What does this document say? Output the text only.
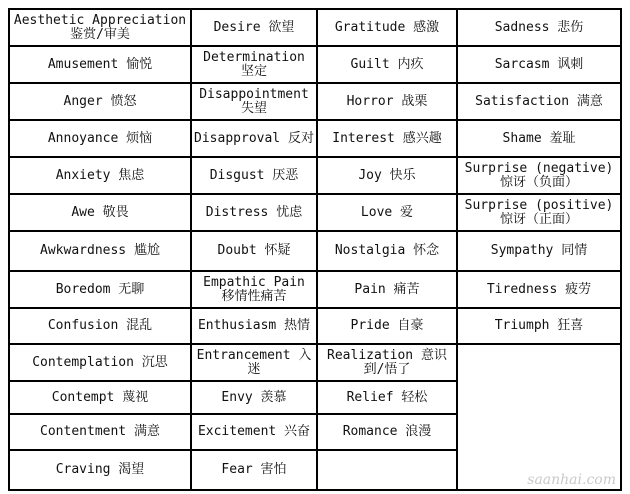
Aesthetic Appreciation 鉴赏/审美	Desire 欲望	Gratitude 感激	Sadness 悲伤
Amusement 愉悦	Determination 坚定	Guilt 内疚	Sarcasm 讽刺
Anger 愤怒	Disappointment 失望	Horror 战栗	Satisfaction 满意
Annoyance 烦恼	Disapproval 反对	Interest 感兴趣	Shame 羞耻
Anxiety 焦虑	Disgust 厌恶	Joy 快乐	Surprise (negative) 惊讶（负面）
Awe 敬畏	Distress 忧虑	Love 爱	Surprise (positive) 惊讶（正面）
Awkwardness 尴尬	Doubt 怀疑	Nostalgia 怀念	Sympathy 同情
Boredom 无聊	Empathic Pain 移情性痛苦	Pain 痛苦	Tiredness 疲劳
Confusion 混乱	Enthusiasm 热情	Pride 自豪	Triumph 狂喜
Contemplation 沉思	Entrancement 入迷	Realization 意识到/悟了	
Contempt 蔑视	Envy 羡慕	Relief 轻松	
Contentment 满意	Excitement 兴奋	Romance 浪漫	
Craving 渴望	Fear 害怕		
saanhai.com
